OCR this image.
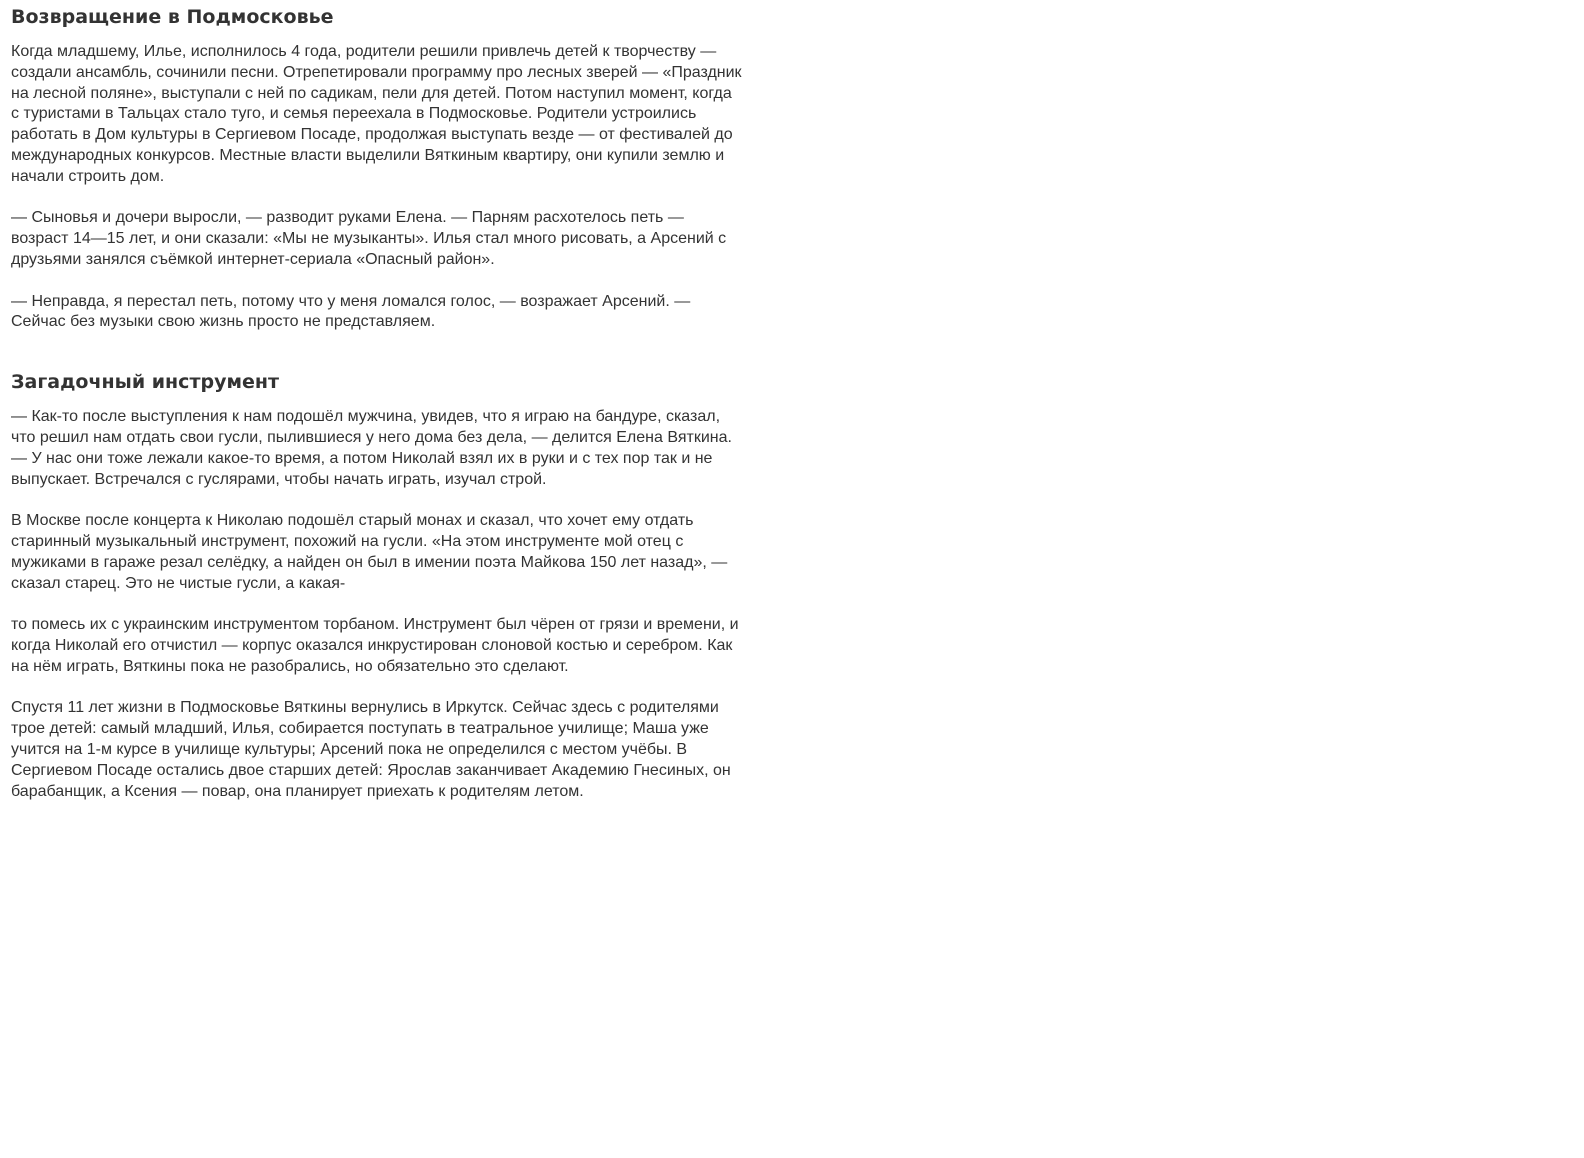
Возвращение в Подмосковье

Когда младшему, Илье, исполнилось 4 года, родители решили привлечь детей к творчеству — создали ансамбль, сочинили песни. Отрепетировали программу про лесных зверей — «Праздник на лесной поляне», выступали с ней по садикам, пели для детей. Потом наступил момент, когда с туристами в Тальцах стало туго, и семья переехала в Подмосковье. Родители устроились работать в Дом культуры в Сергиевом Посаде, продолжая выступать везде — от фестивалей до международных конкурсов. Местные власти выделили Вяткиным квартиру, они купили землю и начали строить дом.

— Сыновья и дочери выросли, — разводит руками Елена. — Парням расхотелось петь — возраст 14—15 лет, и они сказали: «Мы не музыканты». Илья стал много рисовать, а Арсений с друзьями занялся съёмкой интернет-сериала «Опасный район».

— Неправда, я перестал петь, потому что у меня ломался голос, — возражает Арсений. — Сейчас без музыки свою жизнь просто не представляем.

Загадочный инструмент

— Как-то после выступления к нам подошёл мужчина, увидев, что я играю на бандуре, сказал, что решил нам отдать свои гусли, пылившиеся у него дома без дела, — делится Елена Вяткина. — У нас они тоже лежали какое-то время, а потом Николай взял их в руки и с тех пор так и не выпускает. Встречался с гуслярами, чтобы начать играть, изучал строй.

В Москве после концерта к Николаю подошёл старый монах и сказал, что хочет ему отдать старинный музыкальный инструмент, похожий на гусли. «На этом инструменте мой отец с мужиками в гараже резал селёдку, а найден он был в имении поэта Майкова 150 лет назад», — сказал старец. Это не чистые гусли, а какая-

то помесь их с украинским инструментом торбаном. Инструмент был чёрен от грязи и времени, и когда Николай его отчистил — корпус оказался инкрустирован слоновой костью и серебром. Как на нём играть, Вяткины пока не разобрались, но обязательно это сделают.

Спустя 11 лет жизни в Подмосковье Вяткины вернулись в Иркутск. Сейчас здесь с родителями трое детей: самый младший, Илья, собирается поступать в театральное училище; Маша уже учится на 1-м курсе в училище культуры; Арсений пока не определился с местом учёбы. В Сергиевом Посаде остались двое старших детей: Ярослав заканчивает Академию Гнесиных, он барабанщик, а Ксения — повар, она планирует приехать к родителям летом.
